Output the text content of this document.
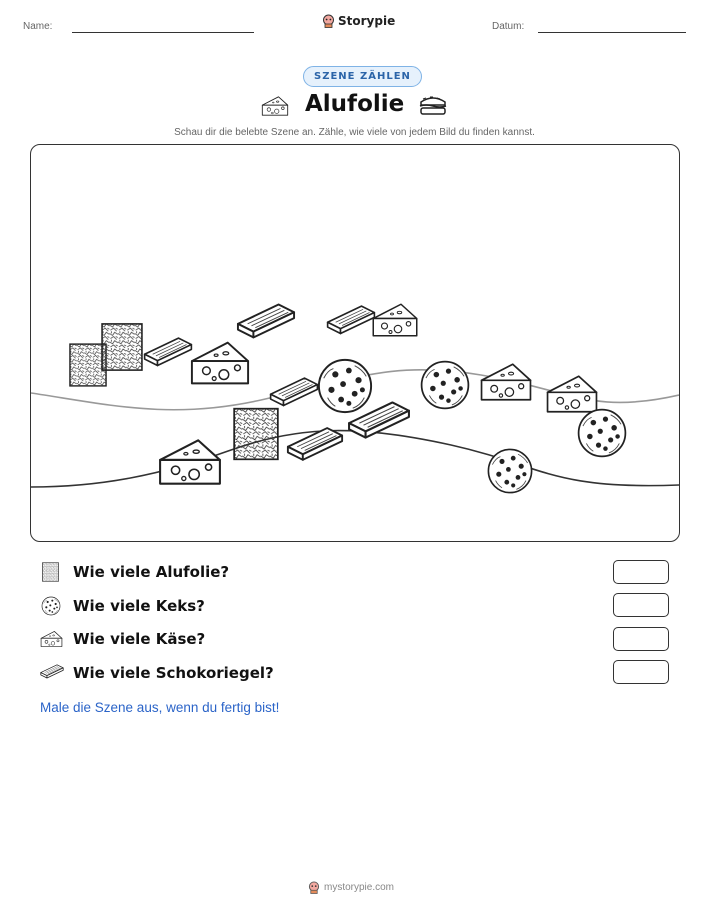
Name:	Storypie	Datum:
SZENE ZÄHLEN
Alufolie
Schau dir die belebte Szene an. Zähle, wie viele von jedem Bild du finden kannst.
Wie viele Alufolie?
Wie viele Keks?
Wie viele Käse?
Wie viele Schokoriegel?
Male die Szene aus, wenn du fertig bist!
mystorypie.com
